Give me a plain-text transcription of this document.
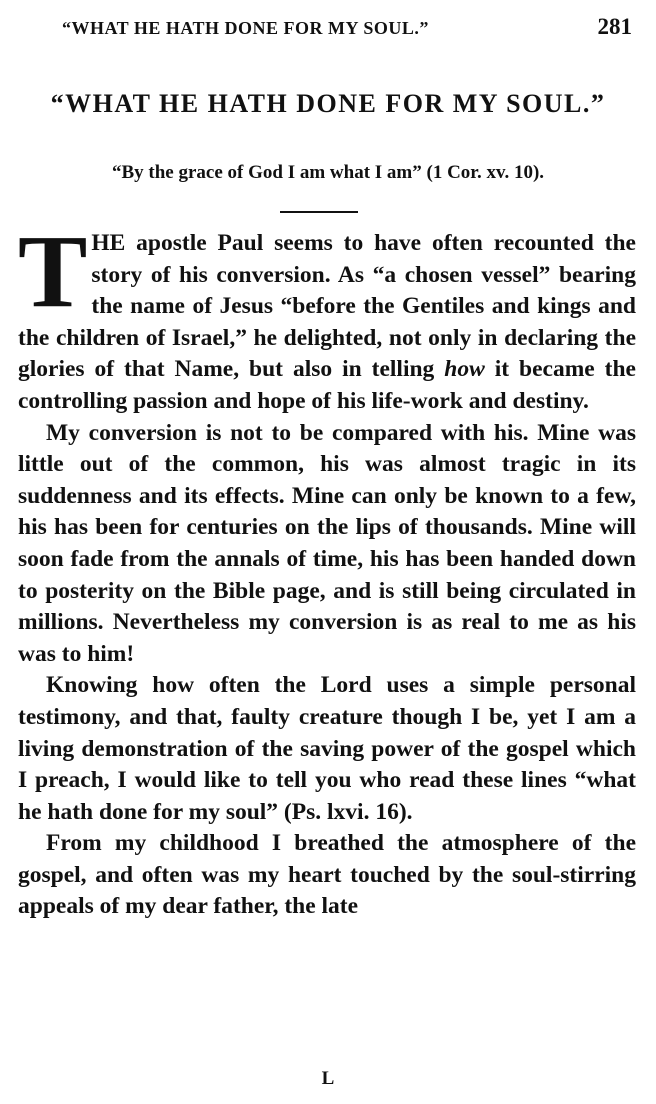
“WHAT HE HATH DONE FOR MY SOUL.”	281
“WHAT HE HATH DONE FOR MY SOUL.”
“By the grace of God I am what I am” (1 Cor. xv. 10).

THE apostle Paul seems to have often recounted the story of his conversion. As “a chosen vessel” bearing the name of Jesus “before the Gentiles and kings and the children of Israel,” he delighted, not only in declaring the glories of that Name, but also in telling how it became the controlling passion and hope of his life-work and destiny.

My conversion is not to be compared with his. Mine was little out of the common, his was almost tragic in its suddenness and its effects. Mine can only be known to a few, his has been for centuries on the lips of thousands. Mine will soon fade from the annals of time, his has been handed down to posterity on the Bible page, and is still being circulated in millions. Nevertheless my conversion is as real to me as his was to him!

Knowing how often the Lord uses a simple personal testimony, and that, faulty creature though I be, yet I am a living demonstration of the saving power of the gospel which I preach, I would like to tell you who read these lines “what he hath done for my soul” (Ps. lxvi. 16).

From my childhood I breathed the atmosphere of the gospel, and often was my heart touched by the soul-stirring appeals of my dear father, the late

L
